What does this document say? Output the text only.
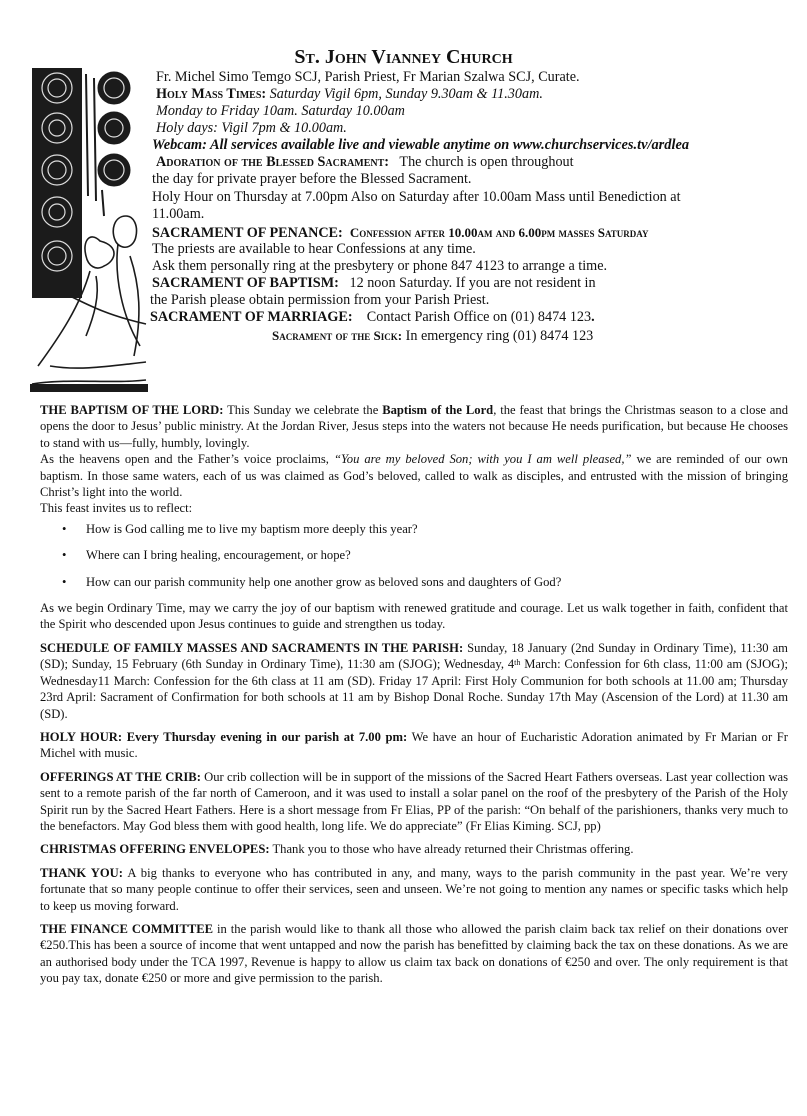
St. John Vianney Church
Fr. Michel Simo Temgo SCJ, Parish Priest, Fr Marian Szalwa SCJ, Curate.
Holy Mass Times: Saturday Vigil 6pm, Sunday 9.30am & 11.30am.
Monday to Friday 10am. Saturday 10.00am
Holy days: Vigil 7pm & 10.00am.
Webcam: All services available live and viewable anytime on www.churchservices.tv/ardlea
Adoration of the Blessed Sacrament: The church is open throughout
the day for private prayer before the Blessed Sacrament.
Holy Hour on Thursday at 7.00pm Also on Saturday after 10.00am Mass until Benediction at
11.00am.
SACRAMENT OF PENANCE: Confession after 10.00am and 6.00pm masses Saturday
The priests are available to hear Confessions at any time.
Ask them personally ring at the presbytery or phone 847 4123 to arrange a time.
SACRAMENT OF BAPTISM: 12 noon Saturday. If you are not resident in
the Parish please obtain permission from your Parish Priest.
SACRAMENT OF MARRIAGE: Contact Parish Office on (01) 8474 123.
Sacrament of the Sick: In emergency ring (01) 8474 123

THE BAPTISM OF THE LORD: This Sunday we celebrate the Baptism of the Lord, the feast that brings the Christmas season to a close and opens the door to Jesus’ public ministry. At the Jordan River, Jesus steps into the waters not because He needs purification, but because He chooses to stand with us—fully, humbly, lovingly.

As the heavens open and the Father’s voice proclaims, “You are my beloved Son; with you I am well pleased,” we are reminded of our own baptism. In those same waters, each of us was claimed as God’s beloved, called to walk as disciples, and entrusted with the mission of bringing Christ’s light into the world.

This feast invites us to reflect:

• How is God calling me to live my baptism more deeply this year?
• Where can I bring healing, encouragement, or hope?
• How can our parish community help one another grow as beloved sons and daughters of God?

As we begin Ordinary Time, may we carry the joy of our baptism with renewed gratitude and courage. Let us walk together in faith, confident that the Spirit who descended upon Jesus continues to guide and strengthen us today.

SCHEDULE OF FAMILY MASSES AND SACRAMENTS IN THE PARISH: Sunday, 18 January (2nd Sunday in Ordinary Time), 11:30 am (SD); Sunday, 15 February (6th Sunday in Ordinary Time), 11:30 am (SJOG); Wednesday, 4th March: Confession for 6th class, 11:00 am (SJOG); Wednesday11 March: Confession for the 6th class at 11 am (SD). Friday 17 April: First Holy Communion for both schools at 11.00 am; Thursday 23rd April: Sacrament of Confirmation for both schools at 11 am by Bishop Donal Roche. Sunday 17th May (Ascension of the Lord) at 11.30 am (SD).

HOLY HOUR: Every Thursday evening in our parish at 7.00 pm: We have an hour of Eucharistic Adoration animated by Fr Marian or Fr Michel with music.

OFFERINGS AT THE CRIB: Our crib collection will be in support of the missions of the Sacred Heart Fathers overseas. Last year collection was sent to a remote parish of the far north of Cameroon, and it was used to install a solar panel on the roof of the presbytery of the Parish of the Holy Spirit run by the Sacred Heart Fathers. Here is a short message from Fr Elias, PP of the parish: “On behalf of the parishioners, thanks very much to the benefactors. May God bless them with good health, long life. We do appreciate” (Fr Elias Kiming. SCJ, pp)

CHRISTMAS OFFERING ENVELOPES: Thank you to those who have already returned their Christmas offering.

THANK YOU: A big thanks to everyone who has contributed in any, and many, ways to the parish community in the past year. We’re very fortunate that so many people continue to offer their services, seen and unseen. We’re not going to mention any names or specific tasks which help to keep us moving forward.

THE FINANCE COMMITTEE in the parish would like to thank all those who allowed the parish claim back tax relief on their donations over €250.This has been a source of income that went untapped and now the parish has benefitted by claiming back the tax on these donations. As we are an authorised body under the TCA 1997, Revenue is happy to allow us claim tax back on donations of €250 and over. The only requirement is that you pay tax, donate €250 or more and give permission to the parish.
